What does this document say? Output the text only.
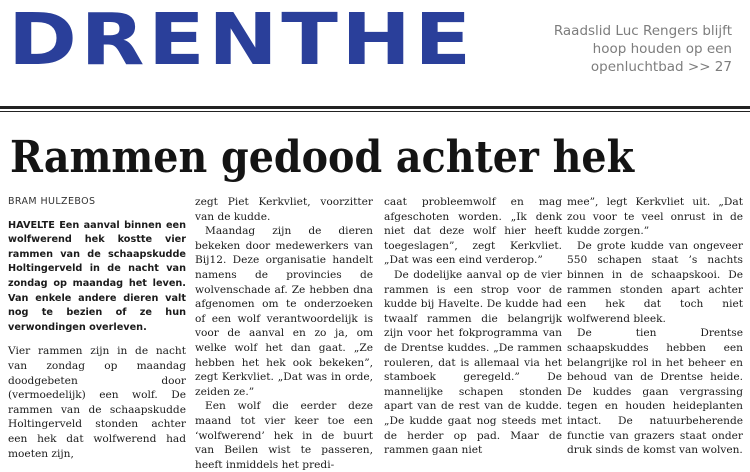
DRENTHE	Raadslid Luc Rengers blijft
hoop houden op een
openluchtbad >> 27
Rammen gedood achter hek

BRAM HULZEBOS

HAVELTE Een aanval binnen een wolfwerend hek kostte vier rammen van de schaapskudde Holtingerveld in de nacht van zondag op maandag het leven. Van enkele andere dieren valt nog te bezien of ze hun verwondingen overleven.

Vier rammen zijn in de nacht van zondag op maandag doodgebeten door (vermoedelijk) een wolf. De rammen van de schaapskudde Holtingerveld stonden achter een hek dat wolfwerend had moeten zijn,

zegt Piet Kerkvliet, voorzitter van de kudde.

Maandag zijn de dieren bekeken door medewerkers van Bij12. Deze organisatie handelt namens de provincies de wolvenschade af. Ze hebben dna afgenomen om te onderzoeken of een wolf verantwoordelijk is voor de aanval en zo ja, om welke wolf het dan gaat. „Ze hebben het hek ook bekeken”, zegt Kerkvliet. „Dat was in orde, zeiden ze.”

Een wolf die eerder deze maand tot vier keer toe een ‘wolfwerend’ hek in de buurt van Beilen wist te passeren, heeft inmiddels het predi-

caat probleemwolf en mag afgeschoten worden. „Ik denk niet dat deze wolf hier heeft toegeslagen”, zegt Kerkvliet. „Dat was een eind verderop.”

De dodelijke aanval op de vier rammen is een strop voor de kudde bij Havelte. De kudde had twaalf rammen die belangrijk zijn voor het fokprogramma van de Drentse kuddes. „De rammen rouleren, dat is allemaal via het stamboek geregeld.” De mannelijke schapen stonden apart van de rest van de kudde. „De kudde gaat nog steeds met de herder op pad. Maar de rammen gaan niet

mee”, legt Kerkvliet uit. „Dat zou voor te veel onrust in de kudde zorgen.”

De grote kudde van ongeveer 550 schapen staat ’s nachts binnen in de schaapskooi. De rammen stonden apart achter een hek dat toch niet wolfwerend bleek.

De tien Drentse schaapskuddes hebben een belangrijke rol in het beheer en behoud van de Drentse heide. De kuddes gaan vergrassing tegen en houden heideplanten intact. De natuurbeherende functie van grazers staat onder druk sinds de komst van wolven.
